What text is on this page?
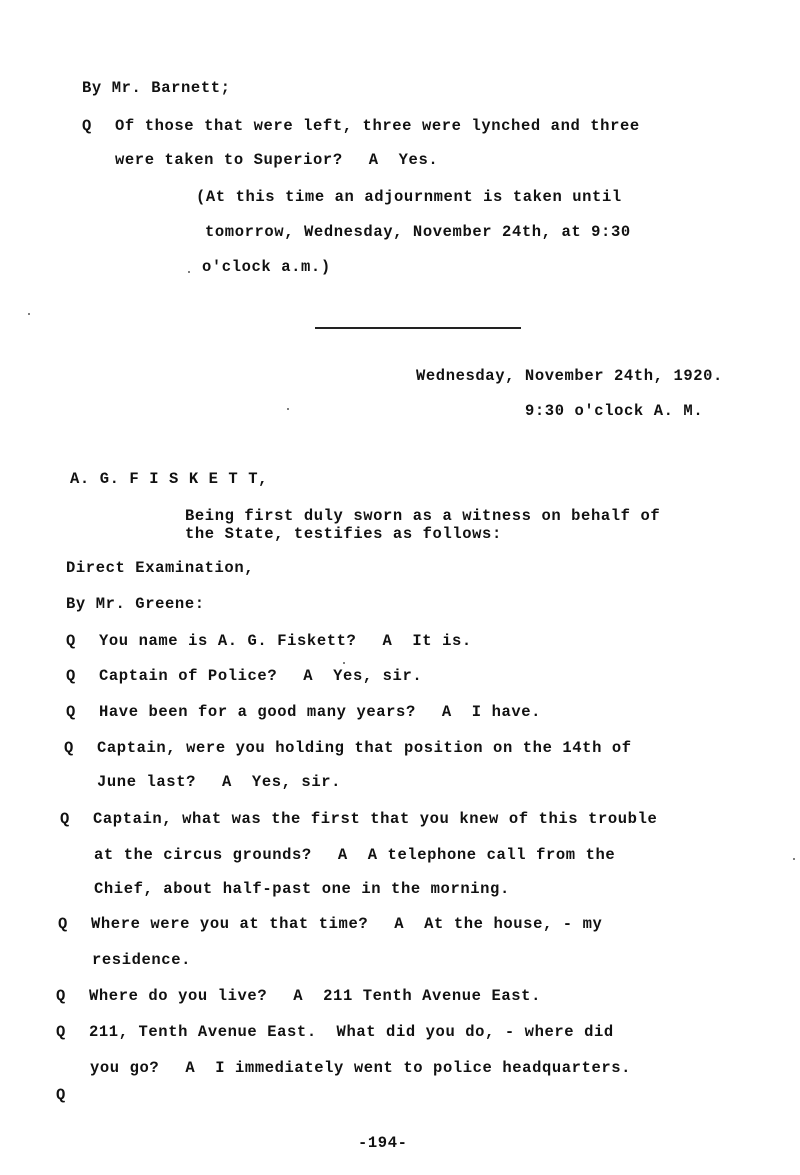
By Mr. Barnett;
Q Of those that were left, three were lynched and three
were taken to Superior? A Yes.
(At this time an adjournment is taken until
tomorrow, Wednesday, November 24th, at 9:30
o'clock a.m.)
Wednesday, November 24th, 1920.
9:30 o'clock A. M.
A. G. F I S K E T T,
Being first duly sworn as a witness on behalf of
the State, testifies as follows:
Direct Examination,
By Mr. Greene:
Q You name is A. G. Fiskett? A It is.
Q Captain of Police? A Yes, sir.
Q Have been for a good many years? A I have.
Q Captain, were you holding that position on the 14th of
June last? A Yes, sir.
Q Captain, what was the first that you knew of this trouble
at the circus grounds? A A telephone call from the
Chief, about half-past one in the morning.
Q Where were you at that time? A At the house, - my
residence.
Q Where do you live? A 211 Tenth Avenue East.
Q 211, Tenth Avenue East.  What did you do, - where did
you go? A I immediately went to police headquarters.
Q
-194-
